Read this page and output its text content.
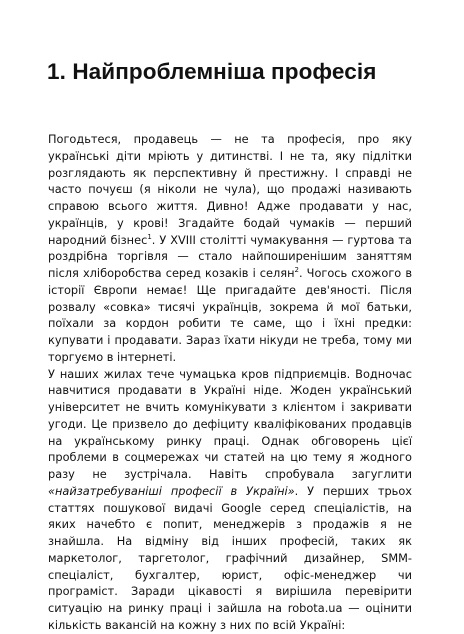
1. Найпроблемніша професія

Погодьтеся, продавець — не та професія, про яку українські діти мріють у дитинстві. І не та, яку підлітки розглядають як перспективну й престижну. І справді не часто почуєш (я ніколи не чула), що продажі називають справою всього життя. Дивно! Адже продавати у нас, українців, у крові! Згадайте бодай чумаків — перший народний бізнес$^1$. У XVIII столітті чумакування — гуртова та роздрібна торгівля — стало найпоширенішим заняттям після хліборобства серед козаків і селян$^2$. Чогось схожого в історії Європи немає! Ще пригадайте дев'яності. Після розвалу «совка» тисячі українців, зокрема й мої батьки, поїхали за кордон робити те саме, що і їхні предки: купувати і продавати. Зараз їхати нікуди не треба, тому ми торгуємо в інтернеті.

У наших жилах тече чумацька кров підприємців. Водночас навчитися продавати в Україні ніде. Жоден український університет не вчить комунікувати з клієнтом і закривати угоди. Це призвело до дефіциту кваліфікованих продавців на українському ринку праці. Однак обговорень цієї проблеми в соцмережах чи статей на цю тему я жодного разу не зустрічала. Навіть спробувала загуглити «найзатребуваніші професії в Україні». У перших трьох статтях пошукової видачі Google серед спеціалістів, на яких начебто є попит, менеджерів з продажів я не знайшла. На відміну від інших професій, таких як маркетолог, таргетолог, графічний дизайнер, SMM-спеціаліст, бухгалтер, юрист, офіс-менеджер чи програміст. Заради цікавості я вирішила перевірити ситуацію на ринку праці і зайшла на robota.ua — оцінити кількість вакансій на кожну з них по всій Україні:
